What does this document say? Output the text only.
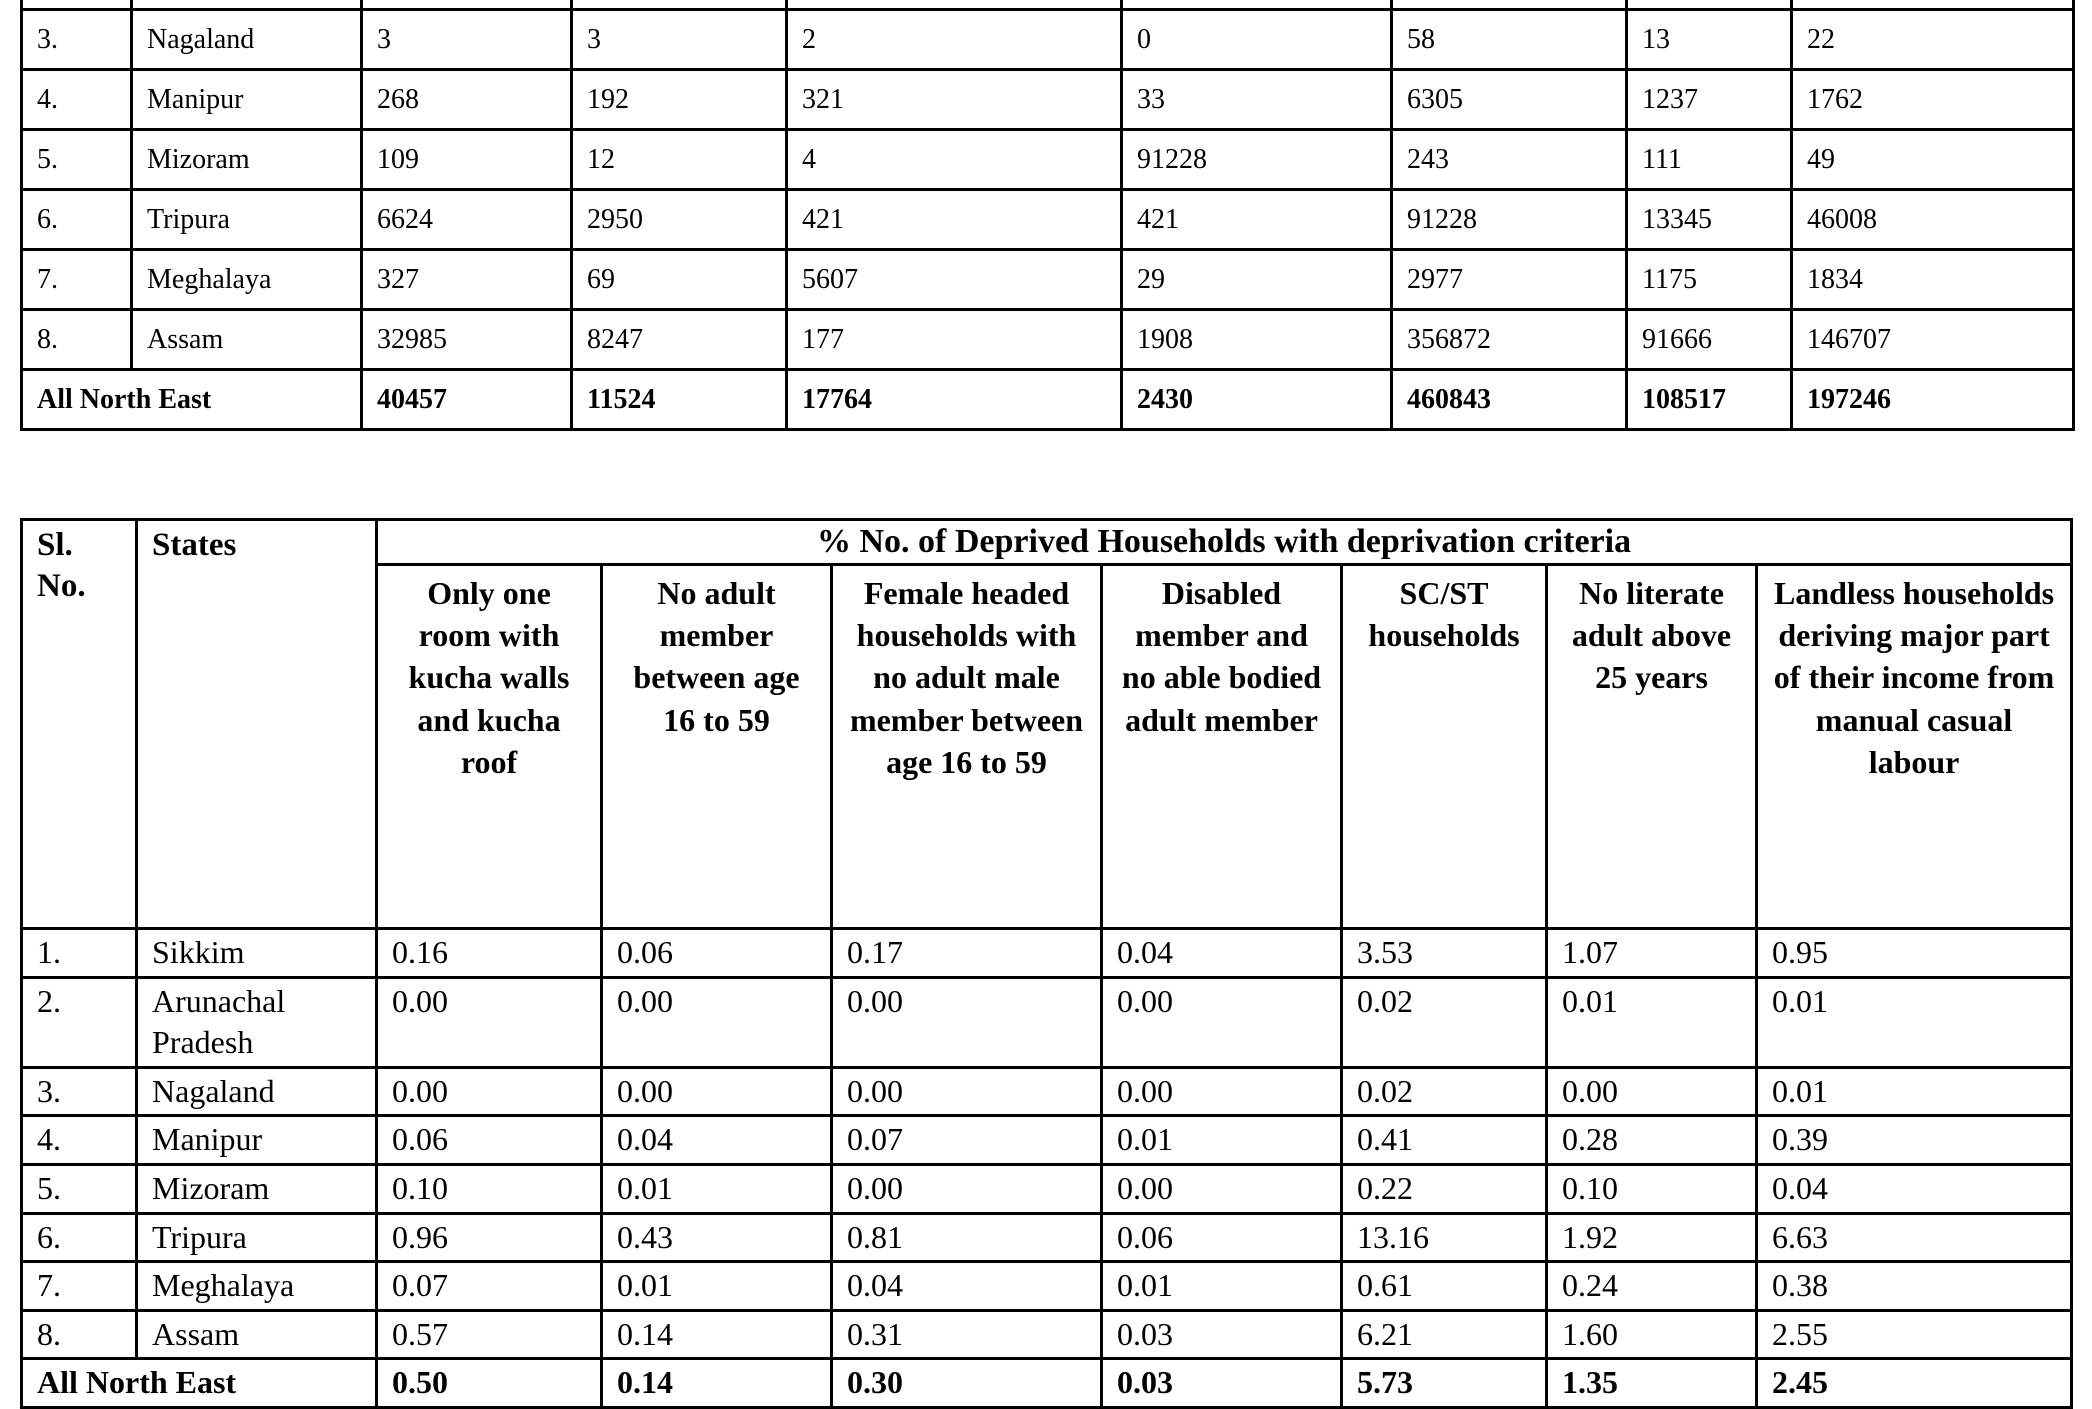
3.	Nagaland	3	3	2	0	58	13	22
4.	Manipur	268	192	321	33	6305	1237	1762
5.	Mizoram	109	12	4	91228	243	111	49
6.	Tripura	6624	2950	421	421	91228	13345	46008
7.	Meghalaya	327	69	5607	29	2977	1175	1834
8.	Assam	32985	8247	177	1908	356872	91666	146707
All North East		40457	11524	17764	2430	460843	108517	197246
Sl. No.	States	% No. of Deprived Households with deprivation criteria						
		Only one room with kucha walls and kucha roof	No adult member between age 16 to 59	Female headed households with no adult male member between age 16 to 59	Disabled member and no able bodied adult member	SC/ST households	No literate adult above 25 years	Landless households deriving major part of their income from manual casual labour
1.	Sikkim	0.16	0.06	0.17	0.04	3.53	1.07	0.95
2.	Arunachal Pradesh	0.00	0.00	0.00	0.00	0.02	0.01	0.01
3.	Nagaland	0.00	0.00	0.00	0.00	0.02	0.00	0.01
4.	Manipur	0.06	0.04	0.07	0.01	0.41	0.28	0.39
5.	Mizoram	0.10	0.01	0.00	0.00	0.22	0.10	0.04
6.	Tripura	0.96	0.43	0.81	0.06	13.16	1.92	6.63
7.	Meghalaya	0.07	0.01	0.04	0.01	0.61	0.24	0.38
8.	Assam	0.57	0.14	0.31	0.03	6.21	1.60	2.55
All North East		0.50	0.14	0.30	0.03	5.73	1.35	2.45
